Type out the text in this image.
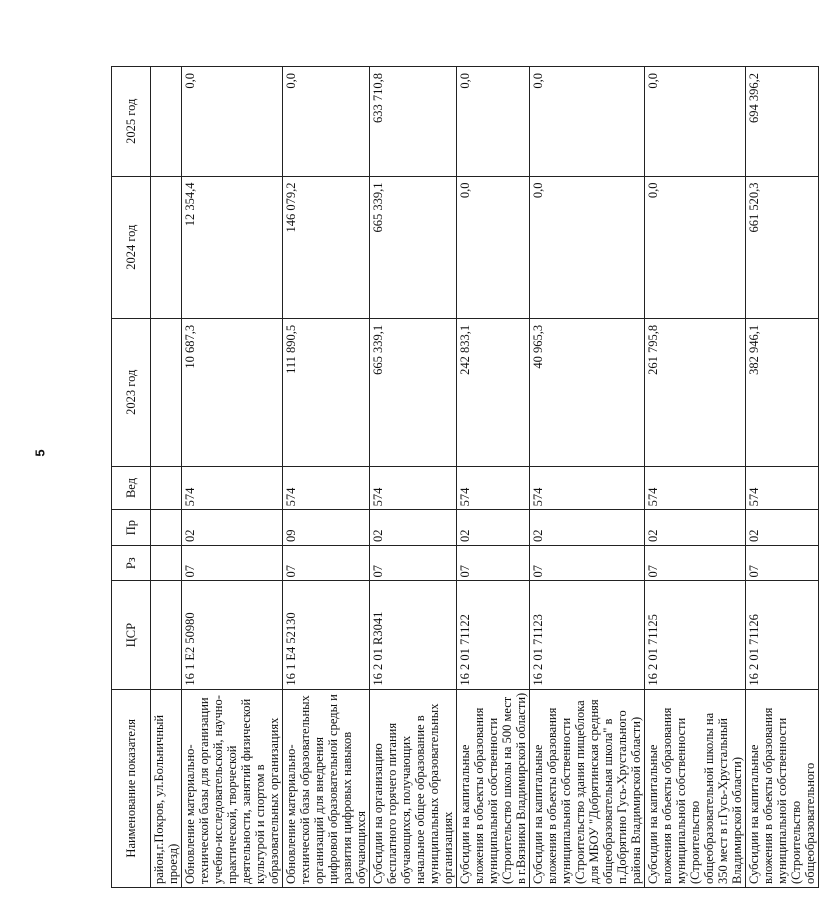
5
Наименование показателя	ЦСР	Рз	Пр	Вед	2023 год	2024 год	2025 год
район,г.Покров, ул.Больничный проезд)							
Обновление материально-технической базы для организации учебно-исследовательской, научно-практической, творческой деятельности, занятий физической культурой и спортом в образовательных организациях	16 1 Е2 50980	07	02	574	10 687,3	12 354,4	0,0
Обновление материально-технической базы образовательных организаций для внедрения цифровой образовательной среды и развития цифровых навыков обучающихся	16 1 Е4 52130	07	09	574	111 890,5	146 079,2	0,0
Субсидии на организацию бесплатного горячего питания обучающихся, получающих начальное общее образование в муниципальных образовательных организациях	16 2 01 R3041	07	02	574	665 339,1	665 339,1	633 710,8
Субсидии на капитальные вложения в объекты образования муниципальной собственности (Строительство школы на 500 мест в г.Вязники Владимирской области)	16 2 01 71122	07	02	574	242 833,1	0,0	0,0
Субсидии на капитальные вложения в объекты образования муниципальной собственности (Строительство здания пищеблока для МБОУ "Добрятинская средняя общеобразовательная школа" в п.Добрятино Гусь-Хрустального района Владимирской области)	16 2 01 71123	07	02	574	40 965,3	0,0	0,0
Субсидии на капитальные вложения в объекты образования муниципальной собственности (Строительство общеобразовательной школы на 350 мест в г.Гусь-Хрустальный Владимирской области)	16 2 01 71125	07	02	574	261 795,8	0,0	0,0
Субсидии на капитальные вложения в объекты образования муниципальной собственности (Строительство общеобразовательного	16 2 01 71126	07	02	574	382 946,1	661 520,3	694 396,2
